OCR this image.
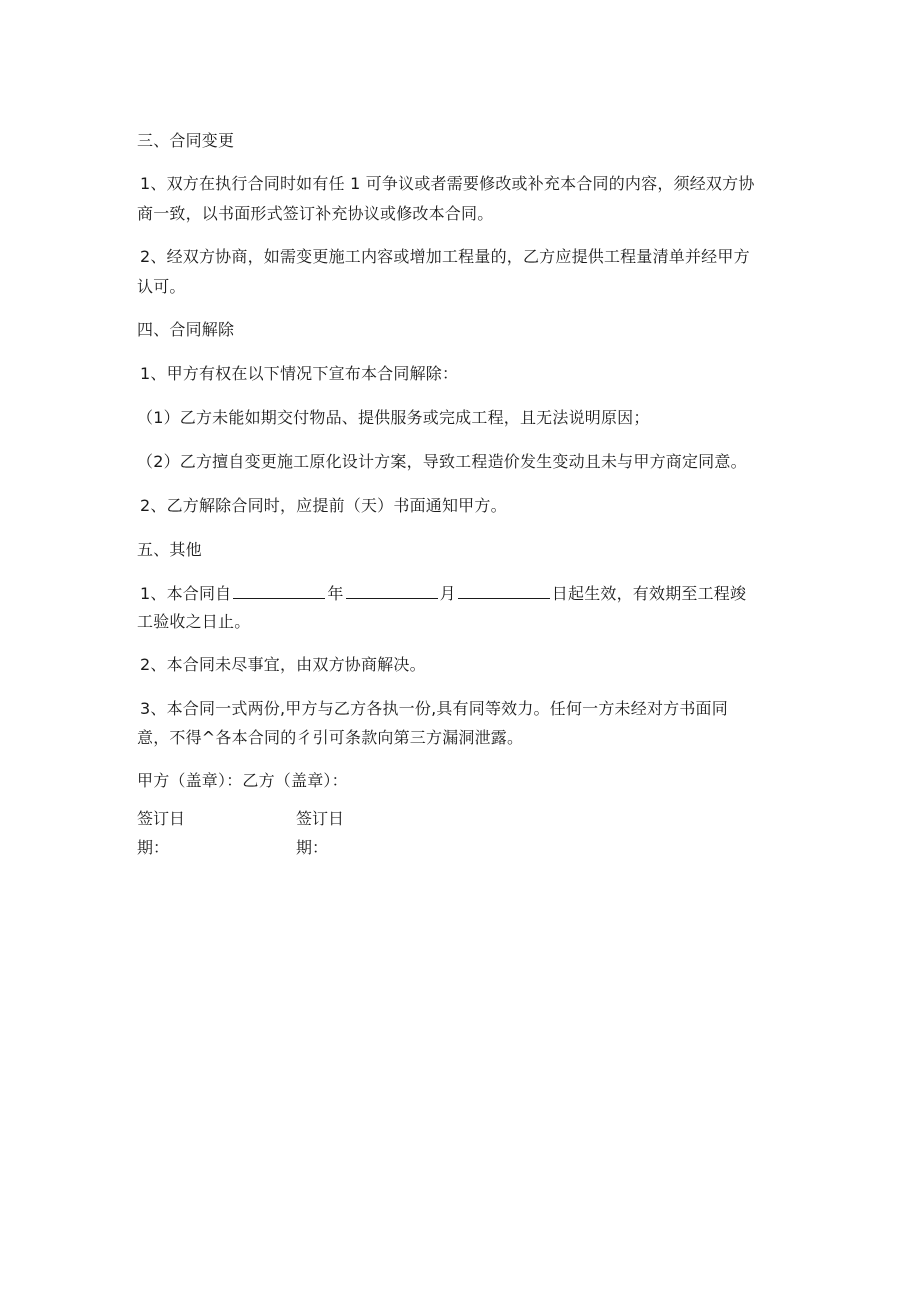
三、合同变更
1、双方在执行合同时如有任 1 可争议或者需要修改或补充本合同的内容，须经双方协
商一致，以书面形式签订补充协议或修改本合同。
2、经双方协商，如需变更施工内容或增加工程量的，乙方应提供工程量清单并经甲方
认可。
四、合同解除
1、甲方有权在以下情况下宣布本合同解除：
（1）乙方未能如期交付物品、提供服务或完成工程，且无法说明原因；
（2）乙方擅自变更施工原化设计方案，导致工程造价发生变动且未与甲方商定同意。
2、乙方解除合同时，应提前（天）书面通知甲方。
五、其他
1、本合同自	年	月	日起生效，有效期至工程竣
工验收之日止。
2、本合同未尽事宜，由双方协商解决。
3、本合同一式两份,甲方与乙方各执一份,具有同等效力。任何一方未经对方书面同
意，不得^各本合同的彳引可条款向第三方漏洞泄露。
甲方（盖章）：乙方（盖章）：
签订日
期：
签订日
期：
